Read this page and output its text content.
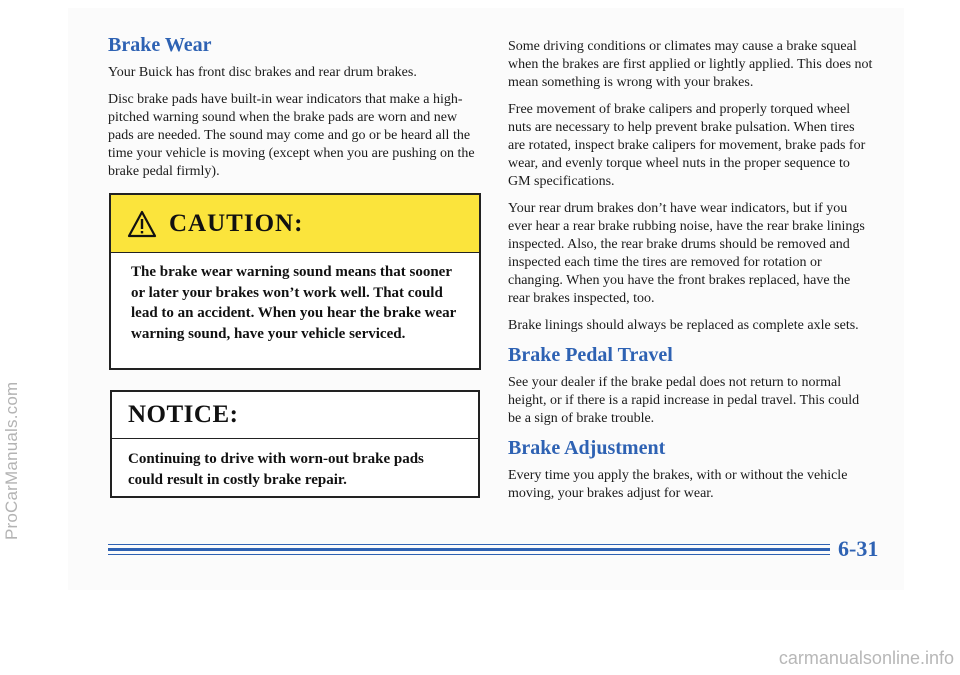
ProCarManuals.com
Brake Wear

Your Buick has front disc brakes and rear drum brakes.

Disc brake pads have built-in wear indicators that make a high-pitched warning sound when the brake pads are worn and new pads are needed. The sound may come and go or be heard all the time your vehicle is moving (except when you are pushing on the brake pedal firmly).

CAUTION:
The brake wear warning sound means that sooner or later your brakes won’t work well. That could lead to an accident. When you hear the brake wear warning sound, have your vehicle serviced.
NOTICE:
Continuing to drive with worn-out brake pads could result in costly brake repair.

Some driving conditions or climates may cause a brake squeal when the brakes are first applied or lightly applied. This does not mean something is wrong with your brakes.

Free movement of brake calipers and properly torqued wheel nuts are necessary to help prevent brake pulsation. When tires are rotated, inspect brake calipers for movement, brake pads for wear, and evenly torque wheel nuts in the proper sequence to GM specifications.

Your rear drum brakes don’t have wear indicators, but if you ever hear a rear brake rubbing noise, have the rear brake linings inspected. Also, the rear brake drums should be removed and inspected each time the tires are removed for rotation or changing. When you have the front brakes replaced, have the rear brakes inspected, too.

Brake linings should always be replaced as complete axle sets.

Brake Pedal Travel

See your dealer if the brake pedal does not return to normal height, or if there is a rapid increase in pedal travel. This could be a sign of brake trouble.

Brake Adjustment

Every time you apply the brakes, with or without the vehicle moving, your brakes adjust for wear.

6-31
carmanualsonline.info
